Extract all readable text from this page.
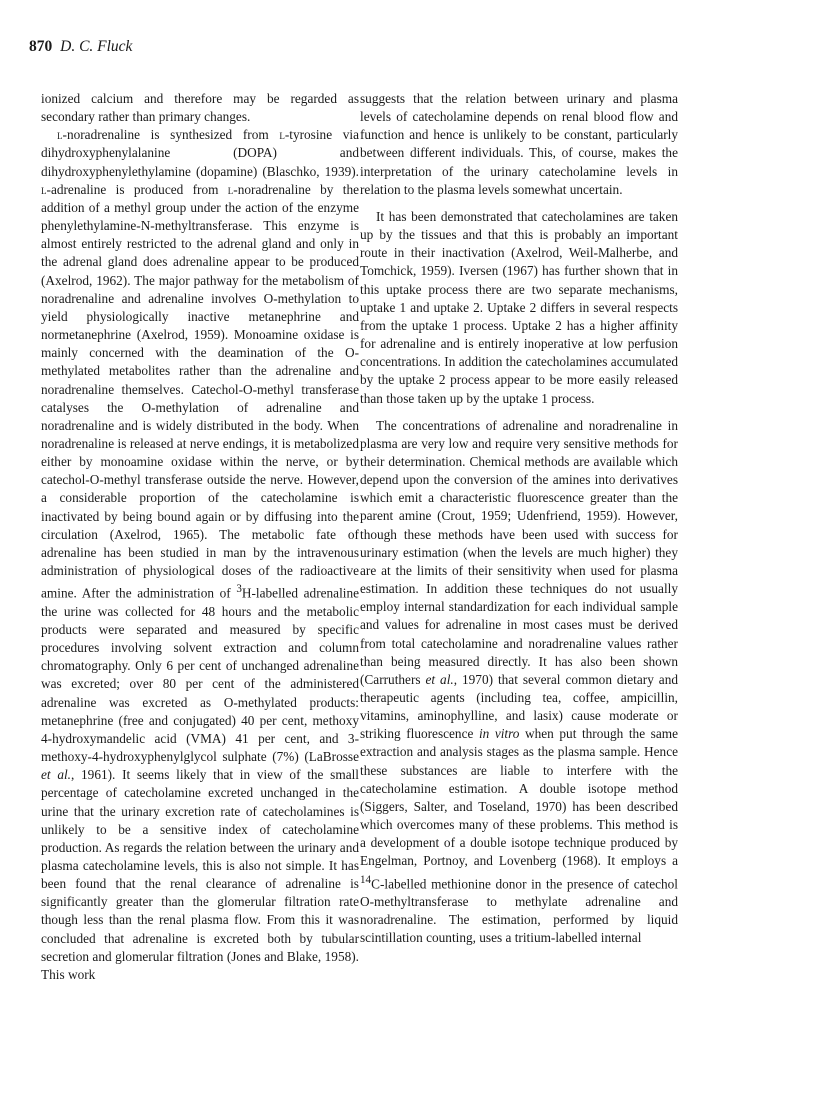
870 D. C. Fluck

ionized calcium and therefore may be regarded as secondary rather than primary changes.

l-noradrenaline is synthesized from l-tyrosine via dihydroxyphenylalanine (DOPA) and dihydroxyphenylethylamine (dopamine) (Blaschko, 1939). l-adrenaline is produced from l-noradrenaline by the addition of a methyl group under the action of the enzyme phenylethylamine-N-methyltransferase. This enzyme is almost entirely restricted to the adrenal gland and only in the adrenal gland does adrenaline appear to be produced (Axelrod, 1962). The major pathway for the metabolism of noradrenaline and adrenaline involves O-methylation to yield physiologically inactive metanephrine and normetanephrine (Axelrod, 1959). Monoamine oxidase is mainly concerned with the deamination of the O-methylated metabolites rather than the adrenaline and noradrenaline themselves. Catechol-O-methyl transferase catalyses the O-methylation of adrenaline and noradrenaline and is widely distributed in the body. When noradrenaline is released at nerve endings, it is metabolized either by monoamine oxidase within the nerve, or by catechol-O-methyl transferase outside the nerve. However, a considerable proportion of the catecholamine is inactivated by being bound again or by diffusing into the circulation (Axelrod, 1965). The metabolic fate of adrenaline has been studied in man by the intravenous administration of physiological doses of the radioactive amine. After the administration of $^3$H-labelled adrenaline the urine was collected for 48 hours and the metabolic products were separated and measured by specific procedures involving solvent extraction and column chromatography. Only 6 per cent of unchanged adrenaline was excreted; over 80 per cent of the administered adrenaline was excreted as O-methylated products: metanephrine (free and conjugated) 40 per cent, methoxy 4-hydroxymandelic acid (VMA) 41 per cent, and 3-methoxy-4-hydroxyphenylglycol sulphate (7%) (LaBrosse et al., 1961). It seems likely that in view of the small percentage of catecholamine excreted unchanged in the urine that the urinary excretion rate of catecholamines is unlikely to be a sensitive index of catecholamine production. As regards the relation between the urinary and plasma catecholamine levels, this is also not simple. It has been found that the renal clearance of adrenaline is significantly greater than the glomerular filtration rate though less than the renal plasma flow. From this it was concluded that adrenaline is excreted both by tubular secretion and glomerular filtration (Jones and Blake, 1958). This work

suggests that the relation between urinary and plasma levels of catecholamine depends on renal blood flow and function and hence is unlikely to be constant, particularly between different individuals. This, of course, makes the interpretation of the urinary catecholamine levels in relation to the plasma levels somewhat uncertain.

It has been demonstrated that catecholamines are taken up by the tissues and that this is probably an important route in their inactivation (Axelrod, Weil-Malherbe, and Tomchick, 1959). Iversen (1967) has further shown that in this uptake process there are two separate mechanisms, uptake 1 and uptake 2. Uptake 2 differs in several respects from the uptake 1 process. Uptake 2 has a higher affinity for adrenaline and is entirely inoperative at low perfusion concentrations. In addition the catecholamines accumulated by the uptake 2 process appear to be more easily released than those taken up by the uptake 1 process.

The concentrations of adrenaline and noradrenaline in plasma are very low and require very sensitive methods for their determination. Chemical methods are available which depend upon the conversion of the amines into derivatives which emit a characteristic fluorescence greater than the parent amine (Crout, 1959; Udenfriend, 1959). However, though these methods have been used with success for urinary estimation (when the levels are much higher) they are at the limits of their sensitivity when used for plasma estimation. In addition these techniques do not usually employ internal standardization for each individual sample and values for adrenaline in most cases must be derived from total catecholamine and noradrenaline values rather than being measured directly. It has also been shown (Carruthers et al., 1970) that several common dietary and therapeutic agents (including tea, coffee, ampicillin, vitamins, aminophylline, and lasix) cause moderate or striking fluorescence in vitro when put through the same extraction and analysis stages as the plasma sample. Hence these substances are liable to interfere with the catecholamine estimation. A double isotope method (Siggers, Salter, and Toseland, 1970) has been described which overcomes many of these problems. This method is a development of a double isotope technique produced by Engelman, Portnoy, and Lovenberg (1968). It employs a $^{14}$C-labelled methionine donor in the presence of catechol O-methyltransferase to methylate adrenaline and noradrenaline. The estimation, performed by liquid scintillation counting, uses a tritium-labelled internal
